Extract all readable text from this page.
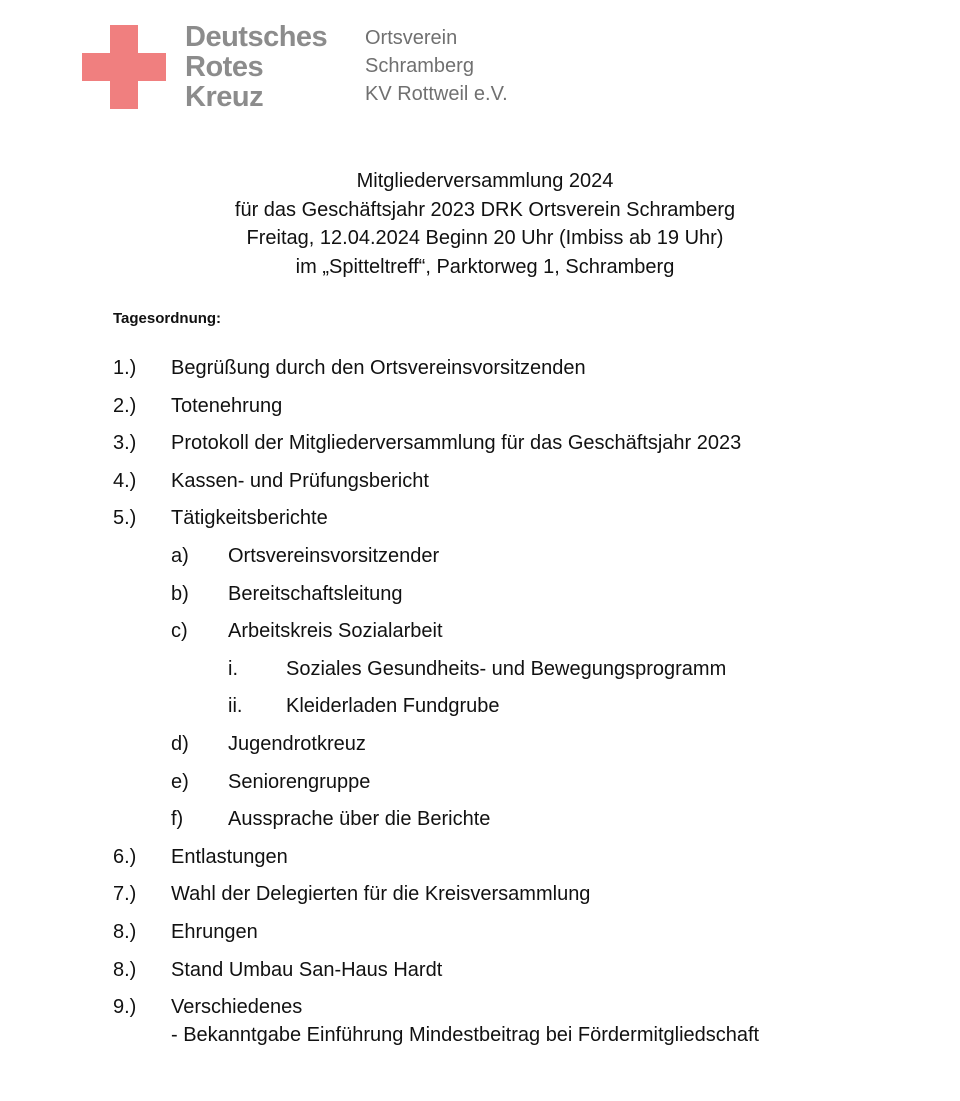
Deutsches
Rotes
Kreuz
Ortsverein
Schramberg
KV Rottweil e.V.
Mitgliederversammlung 2024
für das Geschäftsjahr 2023 DRK Ortsverein Schramberg
Freitag, 12.04.2024 Beginn 20 Uhr (Imbiss ab 19 Uhr)
im „Spitteltreff“, Parktorweg 1, Schramberg
Tagesordnung:
1.) Begrüßung durch den Ortsvereinsvorsitzenden
2.) Totenehrung
3.) Protokoll der Mitgliederversammlung für das Geschäftsjahr 2023
4.) Kassen- und Prüfungsbericht
5.) Tätigkeitsberichte
a) Ortsvereinsvorsitzender
b) Bereitschaftsleitung
c) Arbeitskreis Sozialarbeit
i. Soziales Gesundheits- und Bewegungsprogramm
ii. Kleiderladen Fundgrube
d) Jugendrotkreuz
e) Seniorengruppe
f) Aussprache über die Berichte
6.) Entlastungen
7.) Wahl der Delegierten für die Kreisversammlung
8.) Ehrungen
8.) Stand Umbau San-Haus Hardt
9.) Verschiedenes
- Bekanntgabe Einführung Mindestbeitrag bei Fördermitgliedschaft
